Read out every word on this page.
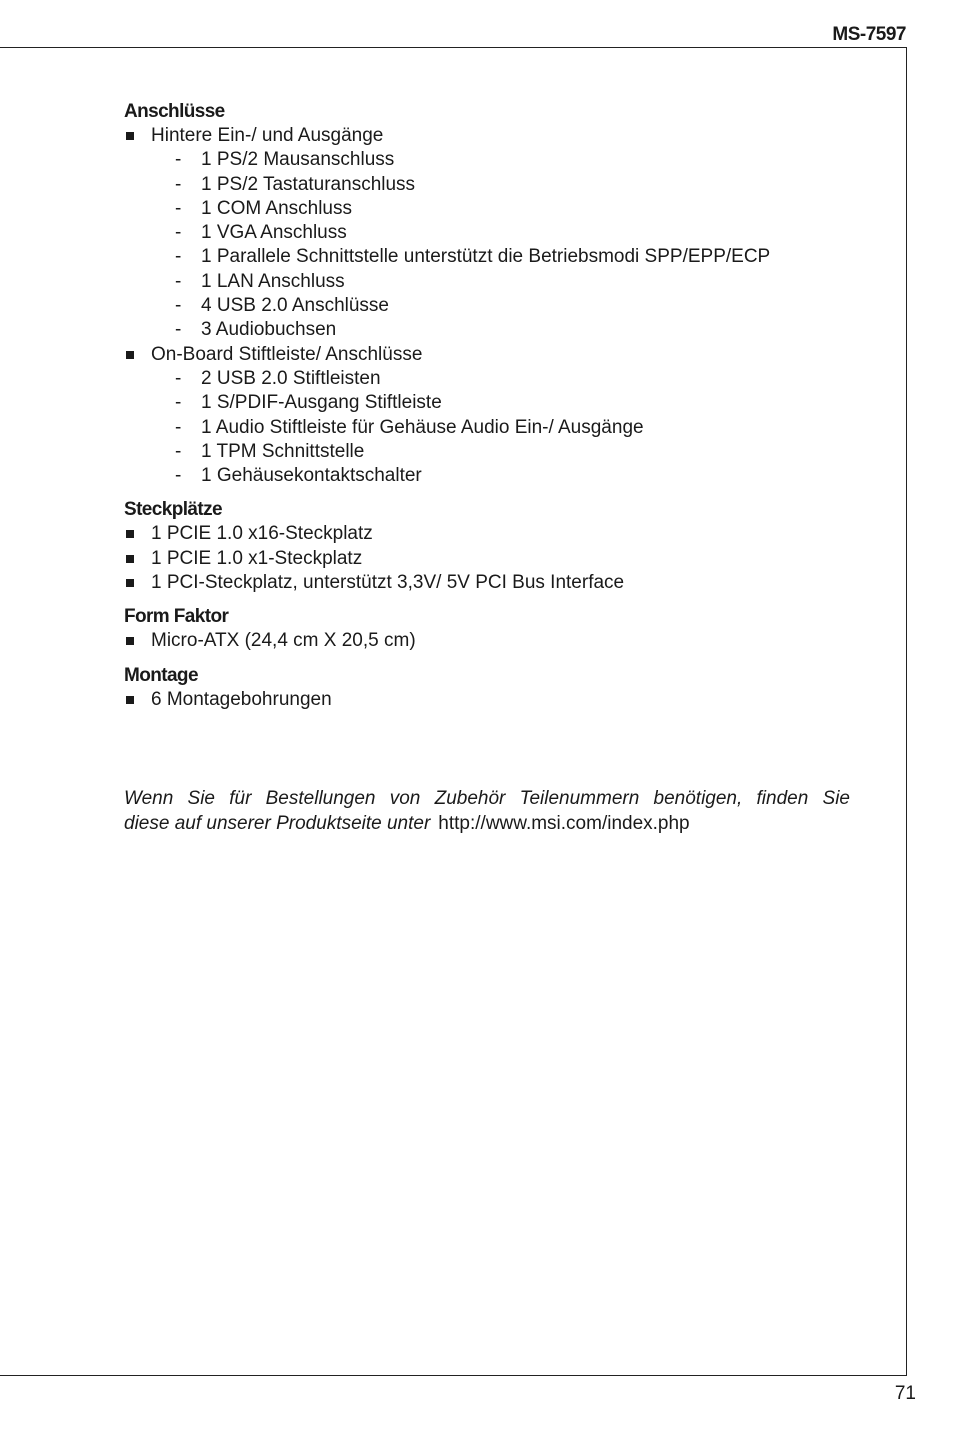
MS-7597
Anschlüsse
Hintere Ein-/ und Ausgänge
- 1 PS/2 Mausanschluss
- 1 PS/2 Tastaturanschluss
- 1 COM Anschluss
- 1 VGA Anschluss
- 1 Parallele Schnittstelle unterstützt die Betriebsmodi SPP/EPP/ECP
- 1 LAN Anschluss
- 4 USB 2.0 Anschlüsse
- 3 Audiobuchsen
On-Board Stiftleiste/ Anschlüsse
- 2 USB 2.0 Stiftleisten
- 1 S/PDIF-Ausgang Stiftleiste
- 1 Audio Stiftleiste für Gehäuse Audio Ein-/ Ausgänge
- 1 TPM Schnittstelle
- 1 Gehäusekontaktschalter
Steckplätze
1 PCIE 1.0 x16-Steckplatz
1 PCIE 1.0 x1-Steckplatz
1 PCI-Steckplatz, unterstützt 3,3V/ 5V PCI Bus Interface
Form Faktor
Micro-ATX (24,4 cm X 20,5 cm)
Montage
6 Montagebohrungen

Wenn Sie für Bestellungen von Zubehör Teilenummern benötigen, finden Sie

diese auf unserer Produktseite unter http://www.msi.com/index.php

71
